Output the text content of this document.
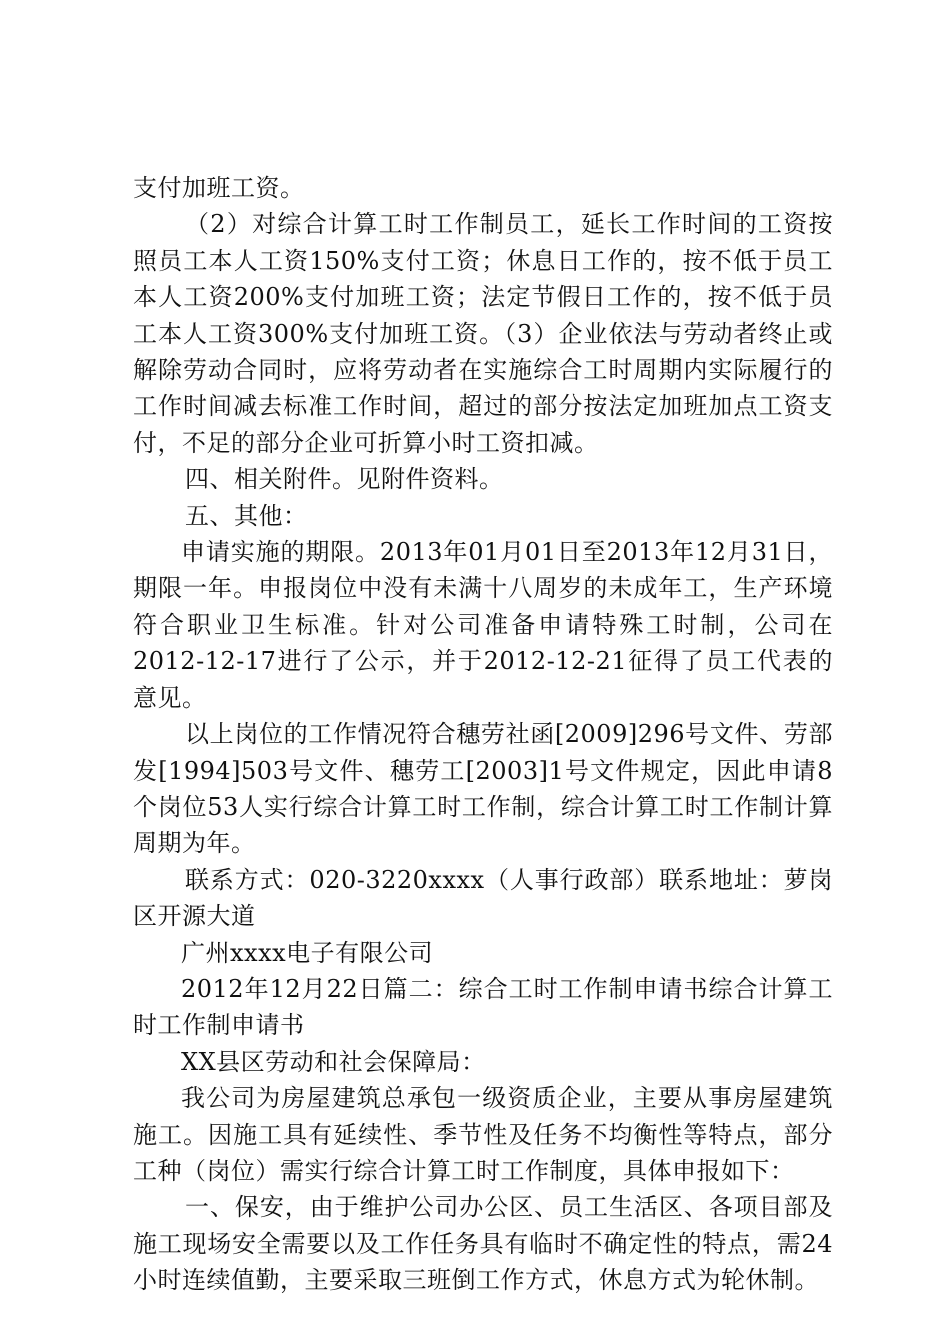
支付加班工资。

（2）对综合计算工时工作制员工，延长工作时间的工资按照员工本人工资150%支付工资；休息日工作的，按不低于员工本人工资200%支付加班工资；法定节假日工作的，按不低于员工本人工资300%支付加班工资。（3）企业依法与劳动者终止或解除劳动合同时，应将劳动者在实施综合工时周期内实际履行的工作时间减去标准工作时间，超过的部分按法定加班加点工资支付，不足的部分企业可折算小时工资扣减。

四、相关附件。见附件资料。

五、其他：

申请实施的期限。2013年01月01日至2013年12月31日，期限一年。申报岗位中没有未满十八周岁的未成年工，生产环境符合职业卫生标准。针对公司准备申请特殊工时制，公司在2012-12-17进行了公示，并于2012-12-21征得了员工代表的意见。

以上岗位的工作情况符合穗劳社函[2009]296号文件、劳部发[1994]503号文件、穗劳工[2003]1号文件规定，因此申请8个岗位53人实行综合计算工时工作制，综合计算工时工作制计算周期为年。

联系方式：020-3220xxxx（人事行政部）联系地址：萝岗区开源大道

广州xxxx电子有限公司

2012年12月22日篇二：综合工时工作制申请书综合计算工时工作制申请书

XX县区劳动和社会保障局：

我公司为房屋建筑总承包一级资质企业，主要从事房屋建筑施工。因施工具有延续性、季节性及任务不均衡性等特点，部分工种（岗位）需实行综合计算工时工作制度，具体申报如下：

一、保安，由于维护公司办公区、员工生活区、各项目部及施工现场安全需要以及工作任务具有临时不确定性的特点，需24小时连续值勤，主要采取三班倒工作方式，休息方式为轮休制。
